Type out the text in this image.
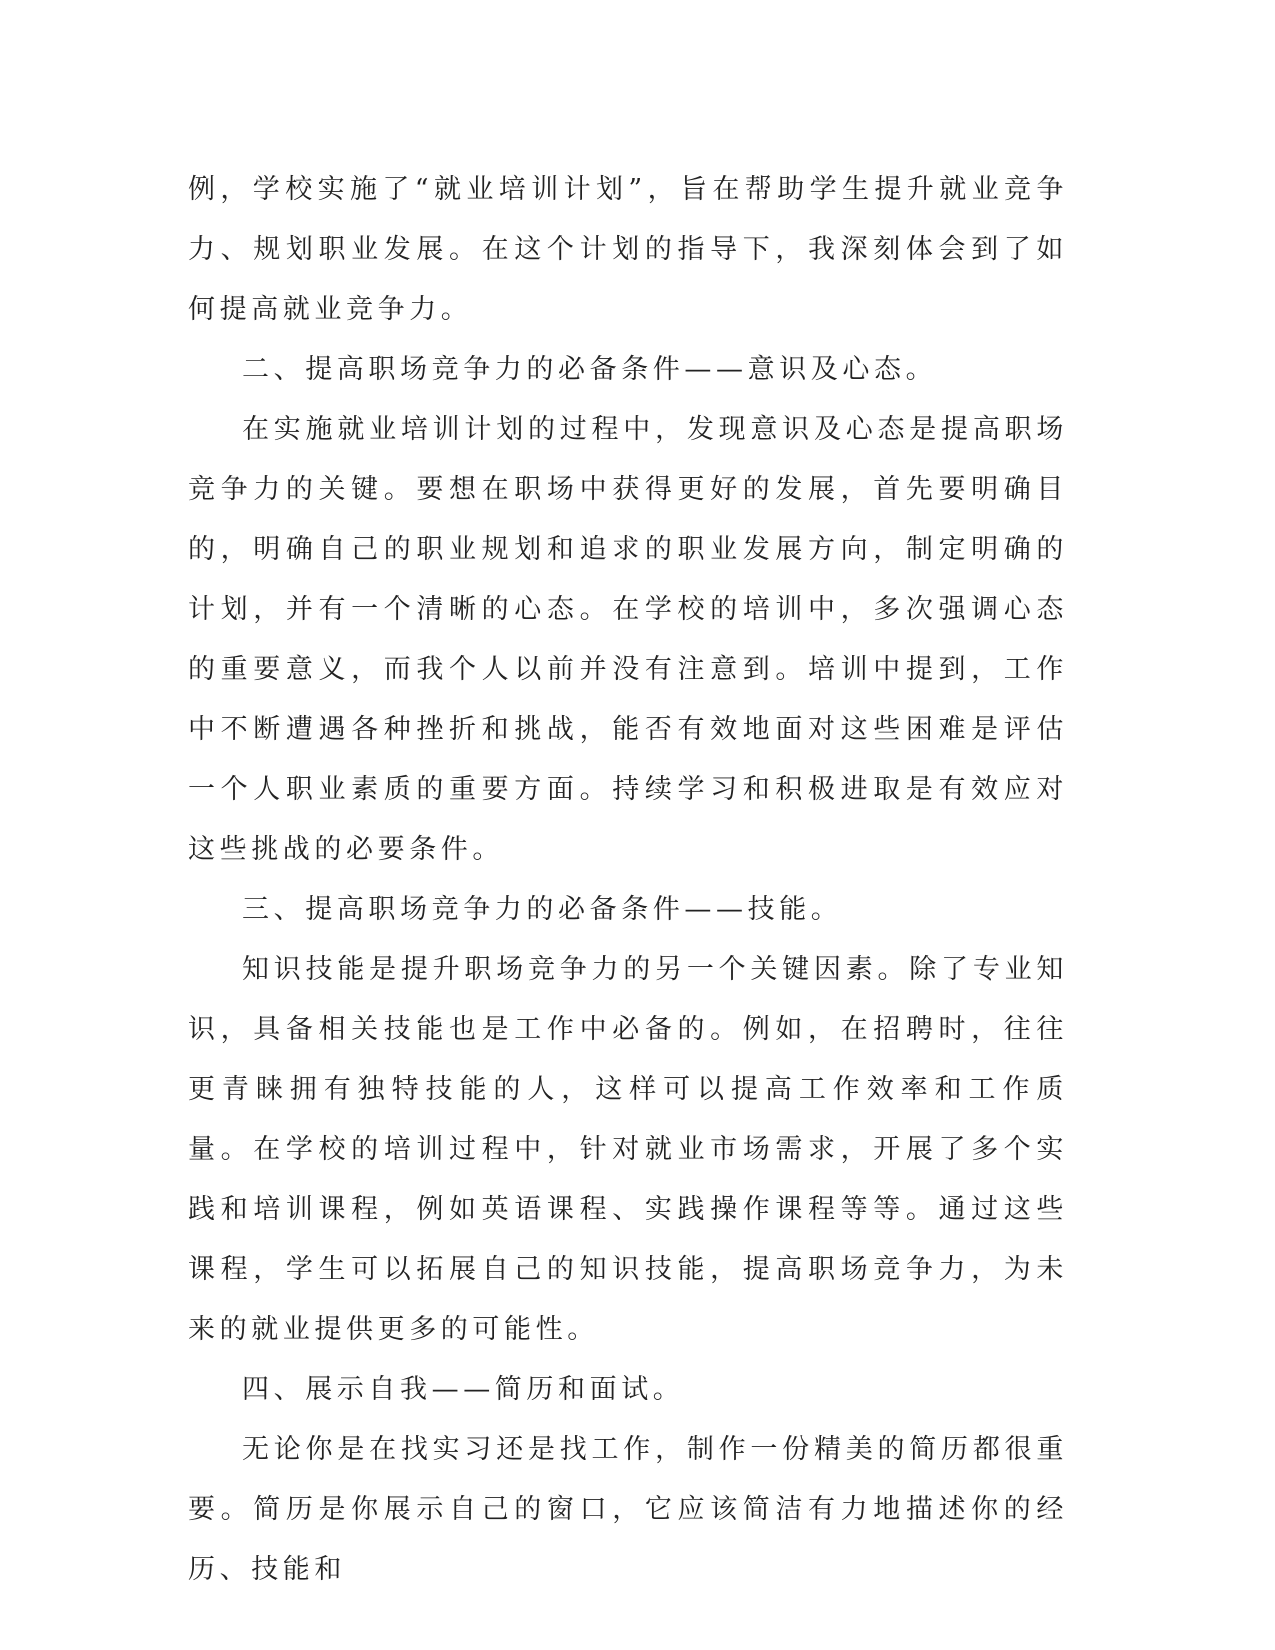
例，学校实施了“就业培训计划”，旨在帮助学生提升就业竞争力、规划职业发展。在这个计划的指导下，我深刻体会到了如何提高就业竞争力。

二、提高职场竞争力的必备条件——意识及心态。

在实施就业培训计划的过程中，发现意识及心态是提高职场竞争力的关键。要想在职场中获得更好的发展，首先要明确目的，明确自己的职业规划和追求的职业发展方向，制定明确的计划，并有一个清晰的心态。在学校的培训中，多次强调心态的重要意义，而我个人以前并没有注意到。培训中提到，工作中不断遭遇各种挫折和挑战，能否有效地面对这些困难是评估一个人职业素质的重要方面。持续学习和积极进取是有效应对这些挑战的必要条件。

三、提高职场竞争力的必备条件——技能。

知识技能是提升职场竞争力的另一个关键因素。除了专业知识，具备相关技能也是工作中必备的。例如，在招聘时，往往更青睐拥有独特技能的人，这样可以提高工作效率和工作质量。在学校的培训过程中，针对就业市场需求，开展了多个实践和培训课程，例如英语课程、实践操作课程等等。通过这些课程，学生可以拓展自己的知识技能，提高职场竞争力，为未来的就业提供更多的可能性。

四、展示自我——简历和面试。

无论你是在找实习还是找工作，制作一份精美的简历都很重要。简历是你展示自己的窗口，它应该简洁有力地描述你的经历、技能和
